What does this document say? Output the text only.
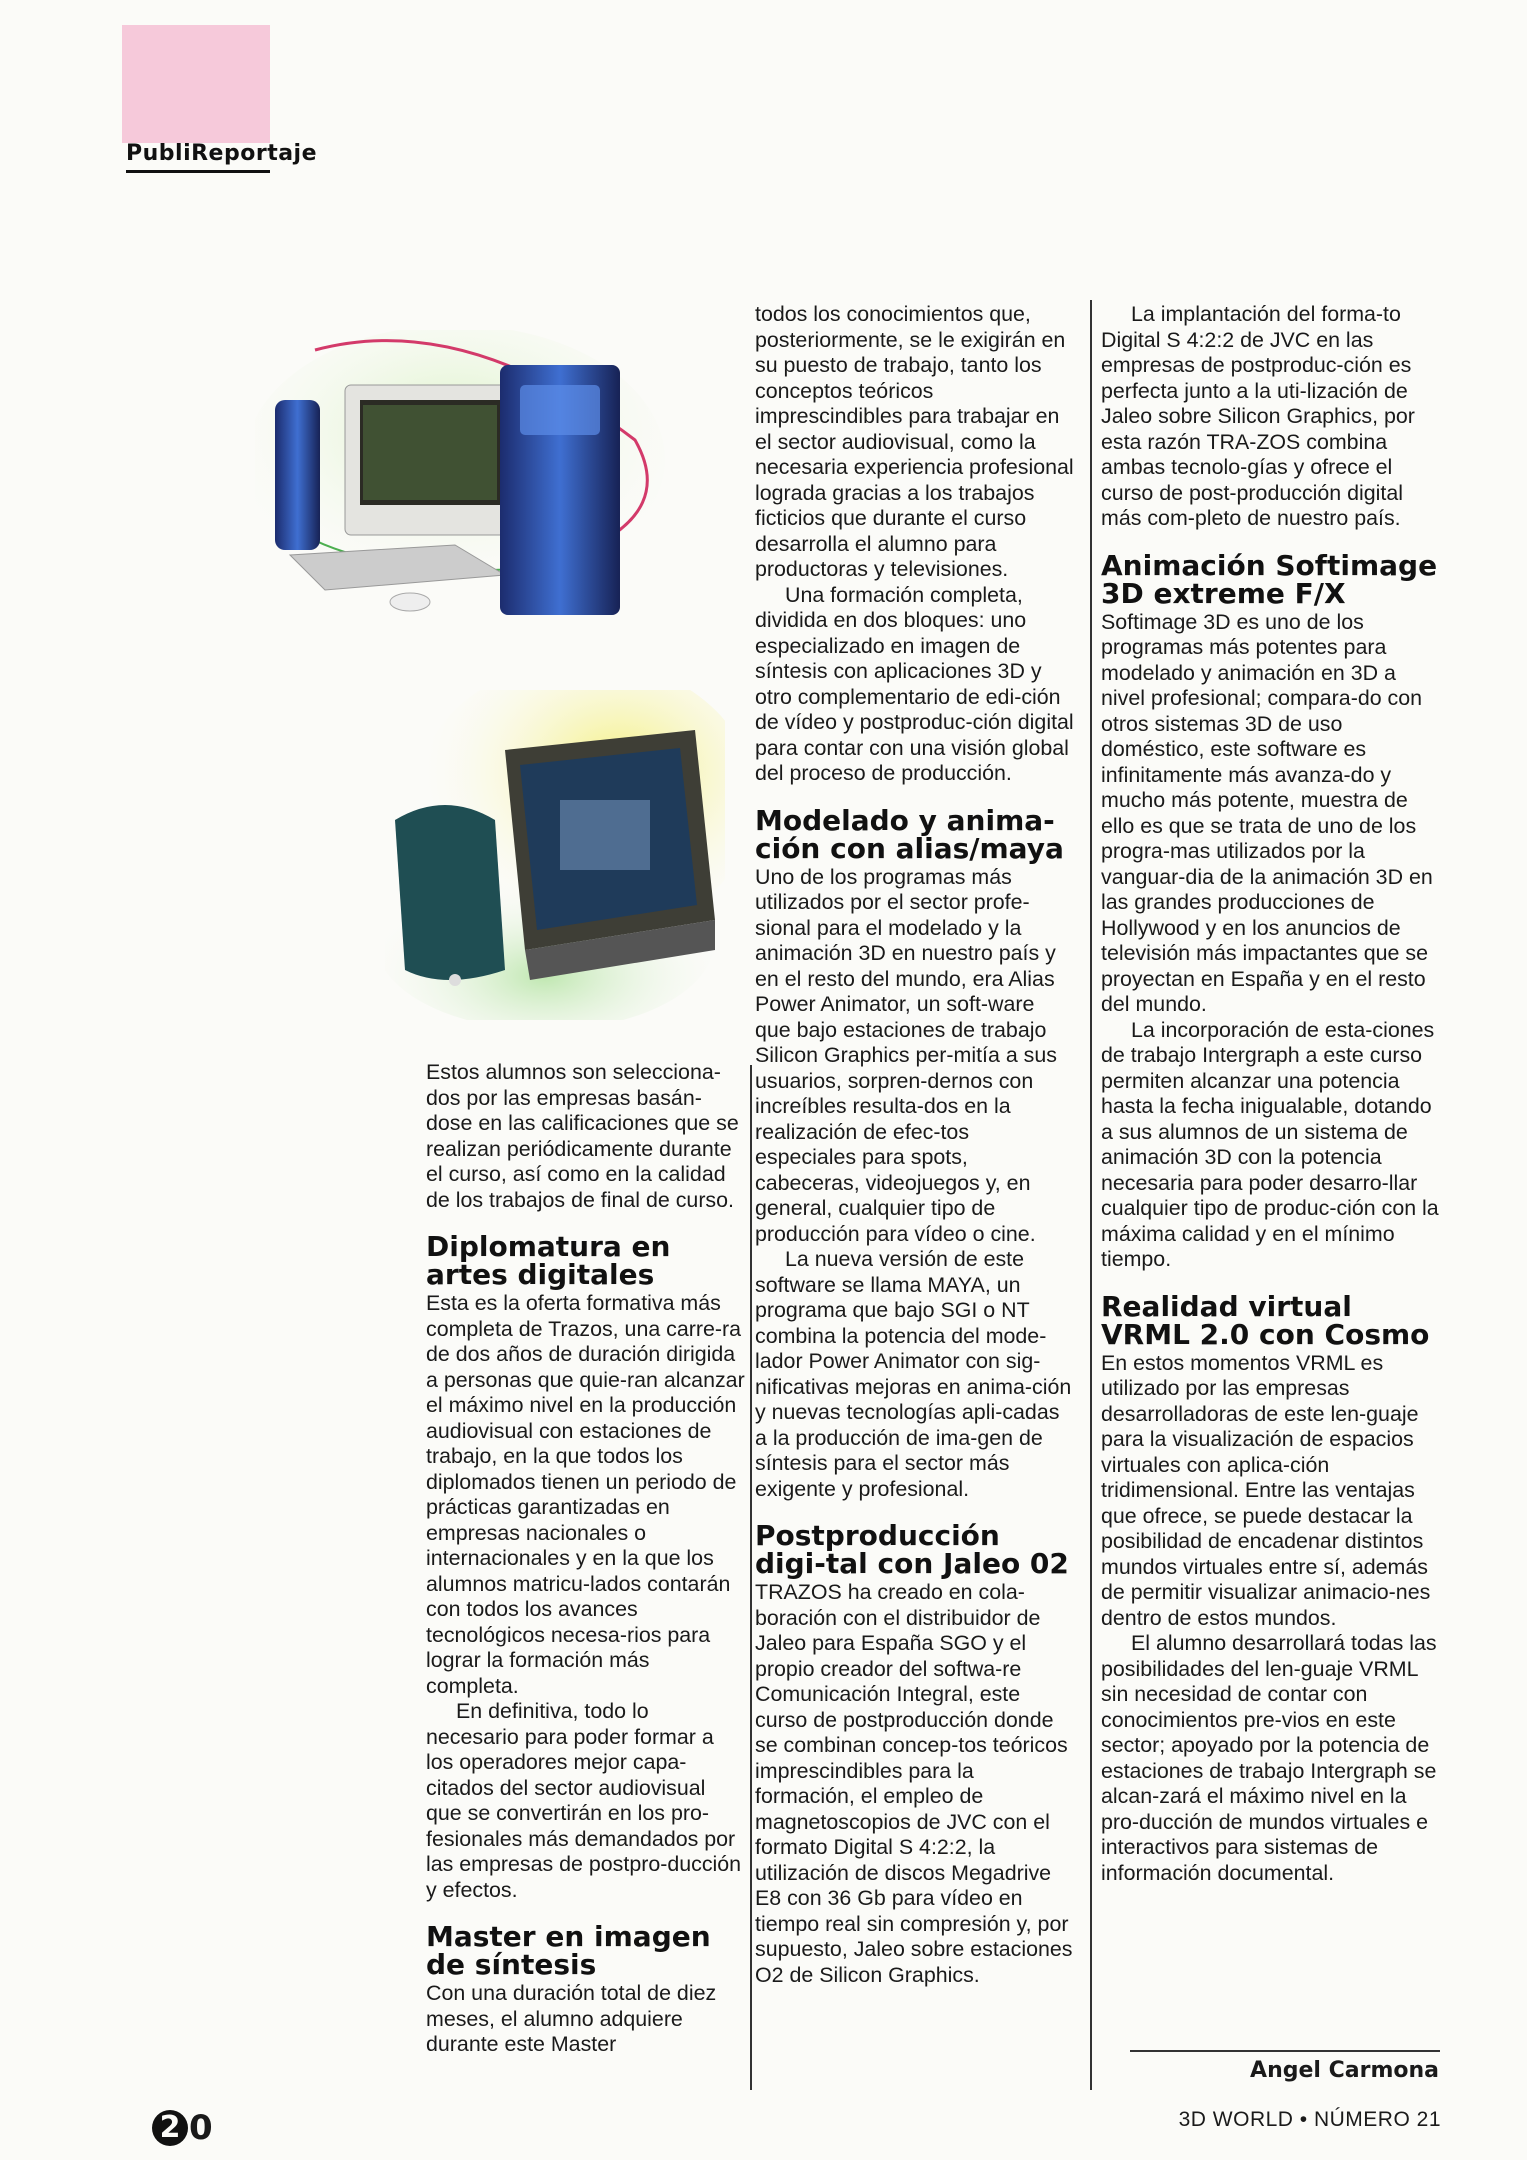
PubliReportaje

Estos alumnos son selecciona-dos por las empresas basán-dose en las calificaciones que se realizan periódicamente durante el curso, así como en la calidad de los trabajos de final de curso.

Diplomatura en artes digitales

Esta es la oferta formativa más completa de Trazos, una carre-ra de dos años de duración dirigida a personas que quie-ran alcanzar el máximo nivel en la producción audiovisual con estaciones de trabajo, en la que todos los diplomados tienen un periodo de prácticas garantizadas en empresas nacionales o internacionales y en la que los alumnos matricu-lados contarán con todos los avances tecnológicos necesa-rios para lograr la formación más completa.

En definitiva, todo lo necesario para poder formar a los operadores mejor capa-citados del sector audiovisual que se convertirán en los pro-fesionales más demandados por las empresas de postpro-ducción y efectos.

Master en imagen de síntesis

Con una duración total de diez meses, el alumno adquiere durante este Master

todos los conocimientos que, posteriormente, se le exigirán en su puesto de trabajo, tanto los conceptos teóricos imprescindibles para trabajar en el sector audiovisual, como la necesaria experiencia profesional lograda gracias a los trabajos ficticios que durante el curso desarrolla el alumno para productoras y televisiones.

Una formación completa, dividida en dos bloques: uno especializado en imagen de síntesis con aplicaciones 3D y otro complementario de edi-ción de vídeo y postproduc-ción digital para contar con una visión global del proceso de producción.

Modelado y anima-ción con alias/maya

Uno de los programas más utilizados por el sector profe-sional para el modelado y la animación 3D en nuestro país y en el resto del mundo, era Alias Power Animator, un soft-ware que bajo estaciones de trabajo Silicon Graphics per-mitía a sus usuarios, sorpren-dernos con increíbles resulta-dos en la realización de efec-tos especiales para spots, cabeceras, videojuegos y, en general, cualquier tipo de producción para vídeo o cine.

La nueva versión de este software se llama MAYA, un programa que bajo SGI o NT combina la potencia del mode-lador Power Animator con sig-nificativas mejoras en anima-ción y nuevas tecnologías apli-cadas a la producción de ima-gen de síntesis para el sector más exigente y profesional.

Postproducción digi-tal con Jaleo 02

TRAZOS ha creado en cola-boración con el distribuidor de Jaleo para España SGO y el propio creador del softwa-re Comunicación Integral, este curso de postproducción donde se combinan concep-tos teóricos imprescindibles para la formación, el empleo de magnetoscopios de JVC con el formato Digital S 4:2:2, la utilización de discos Megadrive E8 con 36 Gb para vídeo en tiempo real sin compresión y, por supuesto, Jaleo sobre estaciones O2 de Silicon Graphics.

La implantación del forma-to Digital S 4:2:2 de JVC en las empresas de postproduc-ción es perfecta junto a la uti-lización de Jaleo sobre Silicon Graphics, por esta razón TRA-ZOS combina ambas tecnolo-gías y ofrece el curso de post-producción digital más com-pleto de nuestro país.

Animación Softimage 3D extreme F/X

Softimage 3D es uno de los programas más potentes para modelado y animación en 3D a nivel profesional; compara-do con otros sistemas 3D de uso doméstico, este software es infinitamente más avanza-do y mucho más potente, muestra de ello es que se trata de uno de los progra-mas utilizados por la vanguar-dia de la animación 3D en las grandes producciones de Hollywood y en los anuncios de televisión más impactantes que se proyectan en España y en el resto del mundo.

La incorporación de esta-ciones de trabajo Intergraph a este curso permiten alcanzar una potencia hasta la fecha inigualable, dotando a sus alumnos de un sistema de animación 3D con la potencia necesaria para poder desarro-llar cualquier tipo de produc-ción con la máxima calidad y en el mínimo tiempo.

Realidad virtual VRML 2.0 con Cosmo

En estos momentos VRML es utilizado por las empresas desarrolladoras de este len-guaje para la visualización de espacios virtuales con aplica-ción tridimensional. Entre las ventajas que ofrece, se puede destacar la posibilidad de encadenar distintos mundos virtuales entre sí, además de permitir visualizar animacio-nes dentro de estos mundos.

El alumno desarrollará todas las posibilidades del len-guaje VRML sin necesidad de contar con conocimientos pre-vios en este sector; apoyado por la potencia de estaciones de trabajo Intergraph se alcan-zará el máximo nivel en la pro-ducción de mundos virtuales e interactivos para sistemas de información documental.

Angel Carmona
2 0	3D WORLD • NÚMERO 21
